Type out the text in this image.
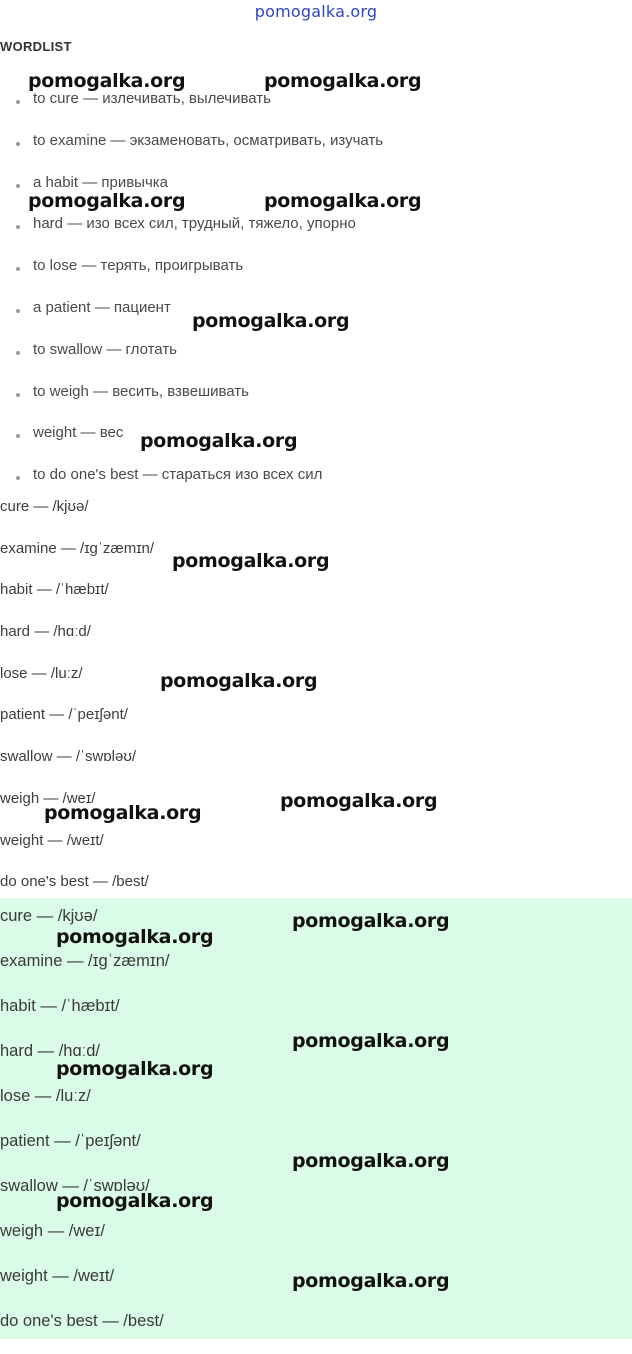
pomogalka.org
WORDLIST
to cure — излечивать, вылечивать
to examine — экзаменовать, осматривать, изучать
a habit — привычка
hard — изо всех сил, трудный, тяжело, упорно
to lose — терять, проигрывать
a patient — пациент
to swallow — глотать
to weigh — весить, взвешивать
weight — вес
to do one's best — стараться изо всех сил
cure — /kjʊə/
examine — /ɪɡˈzæmɪn/
habit — /ˈhæbɪt/
hard — /hɑːd/
lose — /luːz/
patient — /ˈpeɪʃənt/
swallow — /ˈswɒləʊ/
weigh — /weɪ/
weight — /weɪt/
do one's best — /best/
cure — /kjʊə/
examine — /ɪɡˈzæmɪn/
habit — /ˈhæbɪt/
hard — /hɑːd/
lose — /luːz/
patient — /ˈpeɪʃənt/
swallow — /ˈswɒləʊ/
weigh — /weɪ/
weight — /weɪt/
do one's best — /best/
pomogalka.org	pomogalka.org
pomogalka.org	pomogalka.org
pomogalka.org
pomogalka.org
pomogalka.org
pomogalka.org
pomogalka.org
pomogalka.org
pomogalka.org
pomogalka.org
pomogalka.org
pomogalka.org
pomogalka.org
pomogalka.org
pomogalka.org
